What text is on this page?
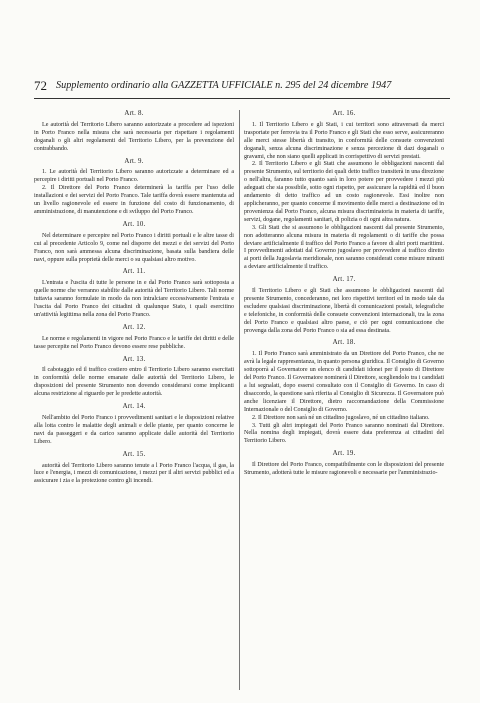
72 Supplemento ordinario alla GAZZETTA UFFICIALE n. 295 del 24 dicembre 1947
Art. 8.

Le autorità del Territorio Libero saranno autorizzate a procedere ad ispezioni in Porto Franco nella misura che sarà necessaria per rispettare i regolamenti doganali o gli altri regolamenti del Territorio Libero, per la prevenzione del contrabbando.

Art. 9.

1. Le autorità del Territorio Libero saranno autorizzate a determinare ed a percepire i diritti portuali nel Porto Franco.

2. Il Direttore del Porto Franco determinerà la tariffa per l'uso delle installazioni e dei servizi del Porto Franco. Tale tariffa dovrà essere mantenuta ad un livello ragionevole ed essere in funzione del costo di funzionamento, di amministrazione, di manutenzione e di sviluppo del Porto Franco.

Art. 10.

Nel determinare e percepire nel Porto Franco i diritti portuali e le altre tasse di cui al precedente Articolo 9, come nel disporre dei mezzi e dei servizi del Porto Franco, non sarà ammessa alcuna discriminazione, basata sulla bandiera delle navi, oppure sulla proprietà delle merci o su qualsiasi altro motivo.

Art. 11.

L'entrata e l'uscita di tutte le persone in e dal Porto Franco sarà sottoposta a quelle norme che verranno stabilite dalle autorità del Territorio Libero. Tali norme tuttavia saranno formulate in modo da non intralciare eccessivamente l'entrata e l'uscita dal Porto Franco dei cittadini di qualunque Stato, i quali esercitino un'attività legittima nella zona del Porto Franco.

Art. 12.

Le norme e regolamenti in vigore nel Porto Franco e le tariffe dei diritti e delle tasse percepite nel Porto Franco devono essere rese pubbliche.

Art. 13.

Il cabotaggio ed il traffico costiero entro il Territorio Libero saranno esercitati in conformità delle norme emanate dalle autorità del Territorio Libero, le disposizioni del presente Strumento non dovendo considerarsi come implicanti alcuna restrizione al riguardo per le predette autorità.

Art. 14.

Nell'ambito del Porto Franco i provvedimenti sanitari e le disposizioni relative alla lotta contro le malattie degli animali e delle piante, per quanto concerne le navi da passeggeri e da carico saranno applicate dalle autorità del Territorio Libero.

Art. 15.

autorità del Territorio Libero saranno tenute a l Porto Franco l'acqua, il gas, la luce e l'energia, i mezzi di comunicazione, i mezzi per il altri servizi pubblici ed a assicurare i zia e la protezione contro gli incendi.

Art. 16.

1. Il Territorio Libero e gli Stati, i cui territori sono attraversati da merci trasportate per ferrovia tra il Porto Franco e gli Stati che esso serve, assicureranno alle merci stesse libertà di transito, in conformità delle consuete convenzioni doganali, senza alcuna discriminazione e senza percezione di dazi doganali o gravami, che non siano quelli applicati in corrispettivo di servizi prestati.

2. Il Territorio Libero e gli Stati che assumono le obbligazioni nascenti dal presente Strumento, sul territorio dei quali detto traffico transiterà in una direzione o nell'altra, faranno tutto quanto sarà in loro potere per provvedere i mezzi più adeguati che sia possibile, sotto ogni rispetto, per assicurare la rapidità ed il buon andamento di detto traffico ad un costo ragionevole. Essi inoltre non applicheranno, per quanto concerne il movimento delle merci a destinazione od in provenienza dal Porto Franco, alcuna misura discriminatoria in materia di tariffe, servizi, dogane, regolamenti sanitari, di polizia o di ogni altra natura.

3. Gli Stati che si assumono le obbligazioni nascenti dal presente Strumento, non adotteranno alcuna misura in materia di regolamenti o di tariffe che possa deviare artificialmente il traffico del Porto Franco a favore di altri porti marittimi. I provvedimenti adottati dal Governo jugoslavo per provvedere al traffico diretto ai porti della Jugoslavia meridionale, non saranno considerati come misure miranti a deviare artificialmente il traffico.

Art. 17.

Il Territorio Libero e gli Stati che assumono le obbligazioni nascenti dal presente Strumento, concederanno, nei loro rispettivi territori ed in modo tale da escludere qualsiasi discriminazione, libertà di comunicazioni postali, telegrafiche e telefoniche, in conformità delle consuete convenzioni internazionali, tra la zona del Porto Franco e qualsiasi altro paese, e ciò per ogni comunicazione che provenga dalla zona del Porto Franco o sia ad essa destinata.

Art. 18.

1. Il Porto Franco sarà amministrato da un Direttore del Porto Franco, che ne avrà la legale rappresentanza, in quanto persona giuridica. Il Consiglio di Governo sottoporrà al Governatore un elenco di candidati idonei per il posto di Direttore del Porto Franco. Il Governatore nominerà il Direttore, scegliendolo tra i candidati a lui segnalati, dopo essersi consultato con il Consiglio di Governo. In caso di disaccordo, la questione sarà riferita al Consiglio di Sicurezza. Il Governatore può anche licenziare il Direttore, dietro raccomandazione della Commissione Internazionale o del Consiglio di Governo.

2. Il Direttore non sarà né un cittadino jugoslavo, né un cittadino italiano.

3. Tutti gli altri impiegati del Porto Franco saranno nominati dal Direttore. Nella nomina degli impiegati, dovrà essere data preferenza ai cittadini del Territorio Libero.

Art. 19.

Il Direttore del Porto Franco, compatibilmente con le disposizioni del presente Strumento, adotterà tutte le misure ragionevoli e necessarie per l'amministrazio-
